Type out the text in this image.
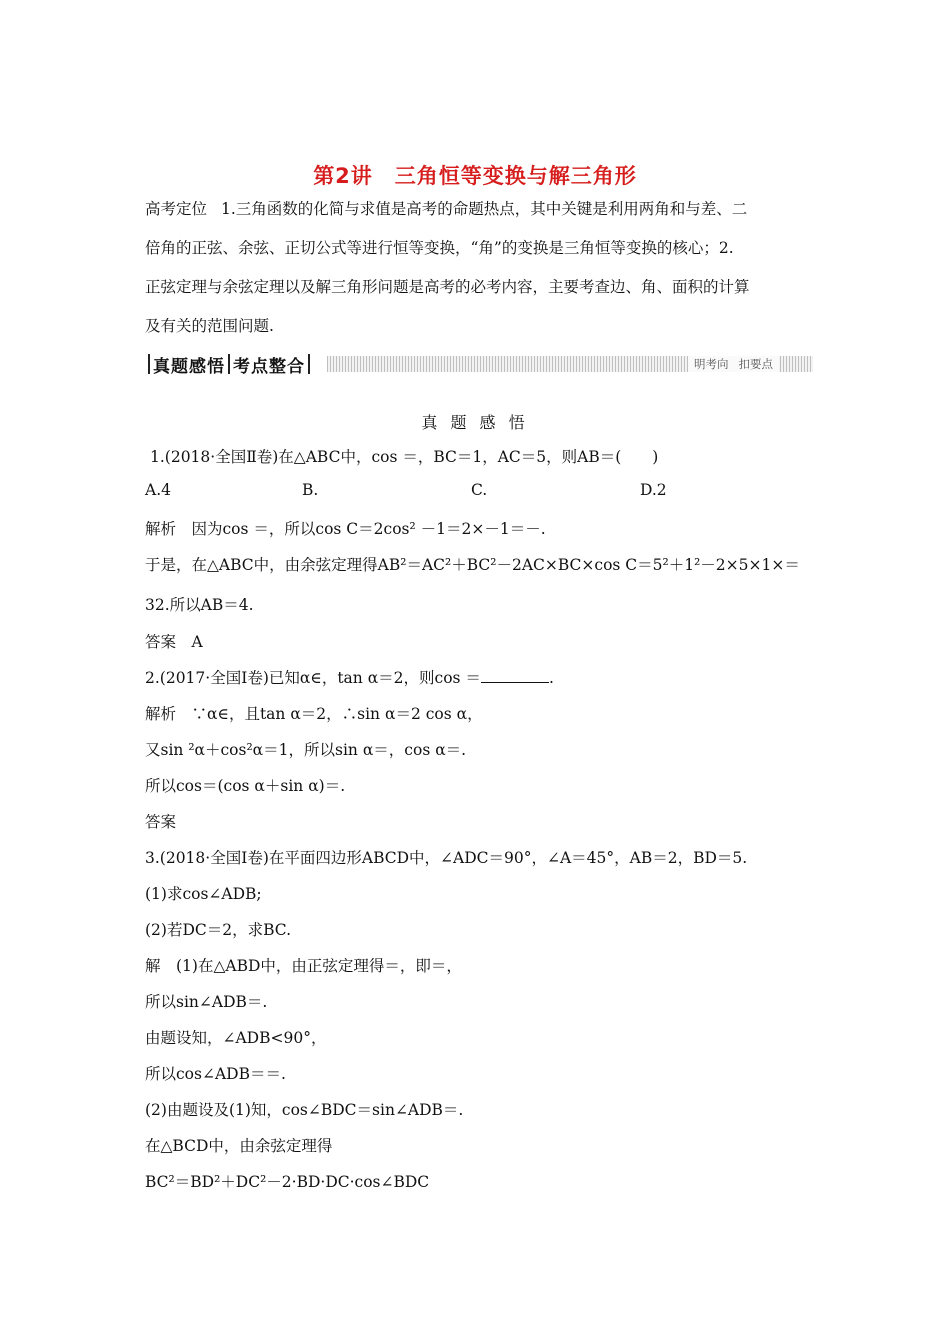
第2讲　三角恒等变换与解三角形
高考定位 1.三角函数的化简与求值是高考的命题热点，其中关键是利用两角和与差、二
倍角的正弦、余弦、正切公式等进行恒等变换，“角”的变换是三角恒等变换的核心；2.
正弦定理与余弦定理以及解三角形问题是高考的必考内容，主要考查边、角、面积的计算
及有关的范围问题.
真题感悟 考点整合	明考向 扣要点
真 题 感 悟
1.(2018·全国Ⅱ卷)在△ABC中，cos ＝，BC＝1，AC＝5，则AB＝(　　)
A.4	B.	C.	D.2
解析　因为cos ＝，所以cos C＝2cos² －1＝2×－1＝－.
于是，在△ABC中，由余弦定理得AB²＝AC²＋BC²－2AC×BC×cos C＝5²＋1²－2×5×1×＝
32.所以AB＝4.
答案　A
2.(2017·全国Ⅰ卷)已知α∈，tan α＝2，则cos ＝	.
解析　∵α∈，且tan α＝2，∴sin α＝2 cos α，
又sin ²α＋cos²α＝1，所以sin α＝，cos α＝.
所以cos＝(cos α＋sin α)＝.
答案
3.(2018·全国Ⅰ卷)在平面四边形ABCD中，∠ADC＝90°，∠A＝45°，AB＝2，BD＝5.
(1)求cos∠ADB;
(2)若DC＝2，求BC.
解　(1)在△ABD中，由正弦定理得＝，即＝，
所以sin∠ADB＝.
由题设知，∠ADB<90°，
所以cos∠ADB＝＝.
(2)由题设及(1)知，cos∠BDC＝sin∠ADB＝.
在△BCD中，由余弦定理得
BC²＝BD²＋DC²－2·BD·DC·cos∠BDC
